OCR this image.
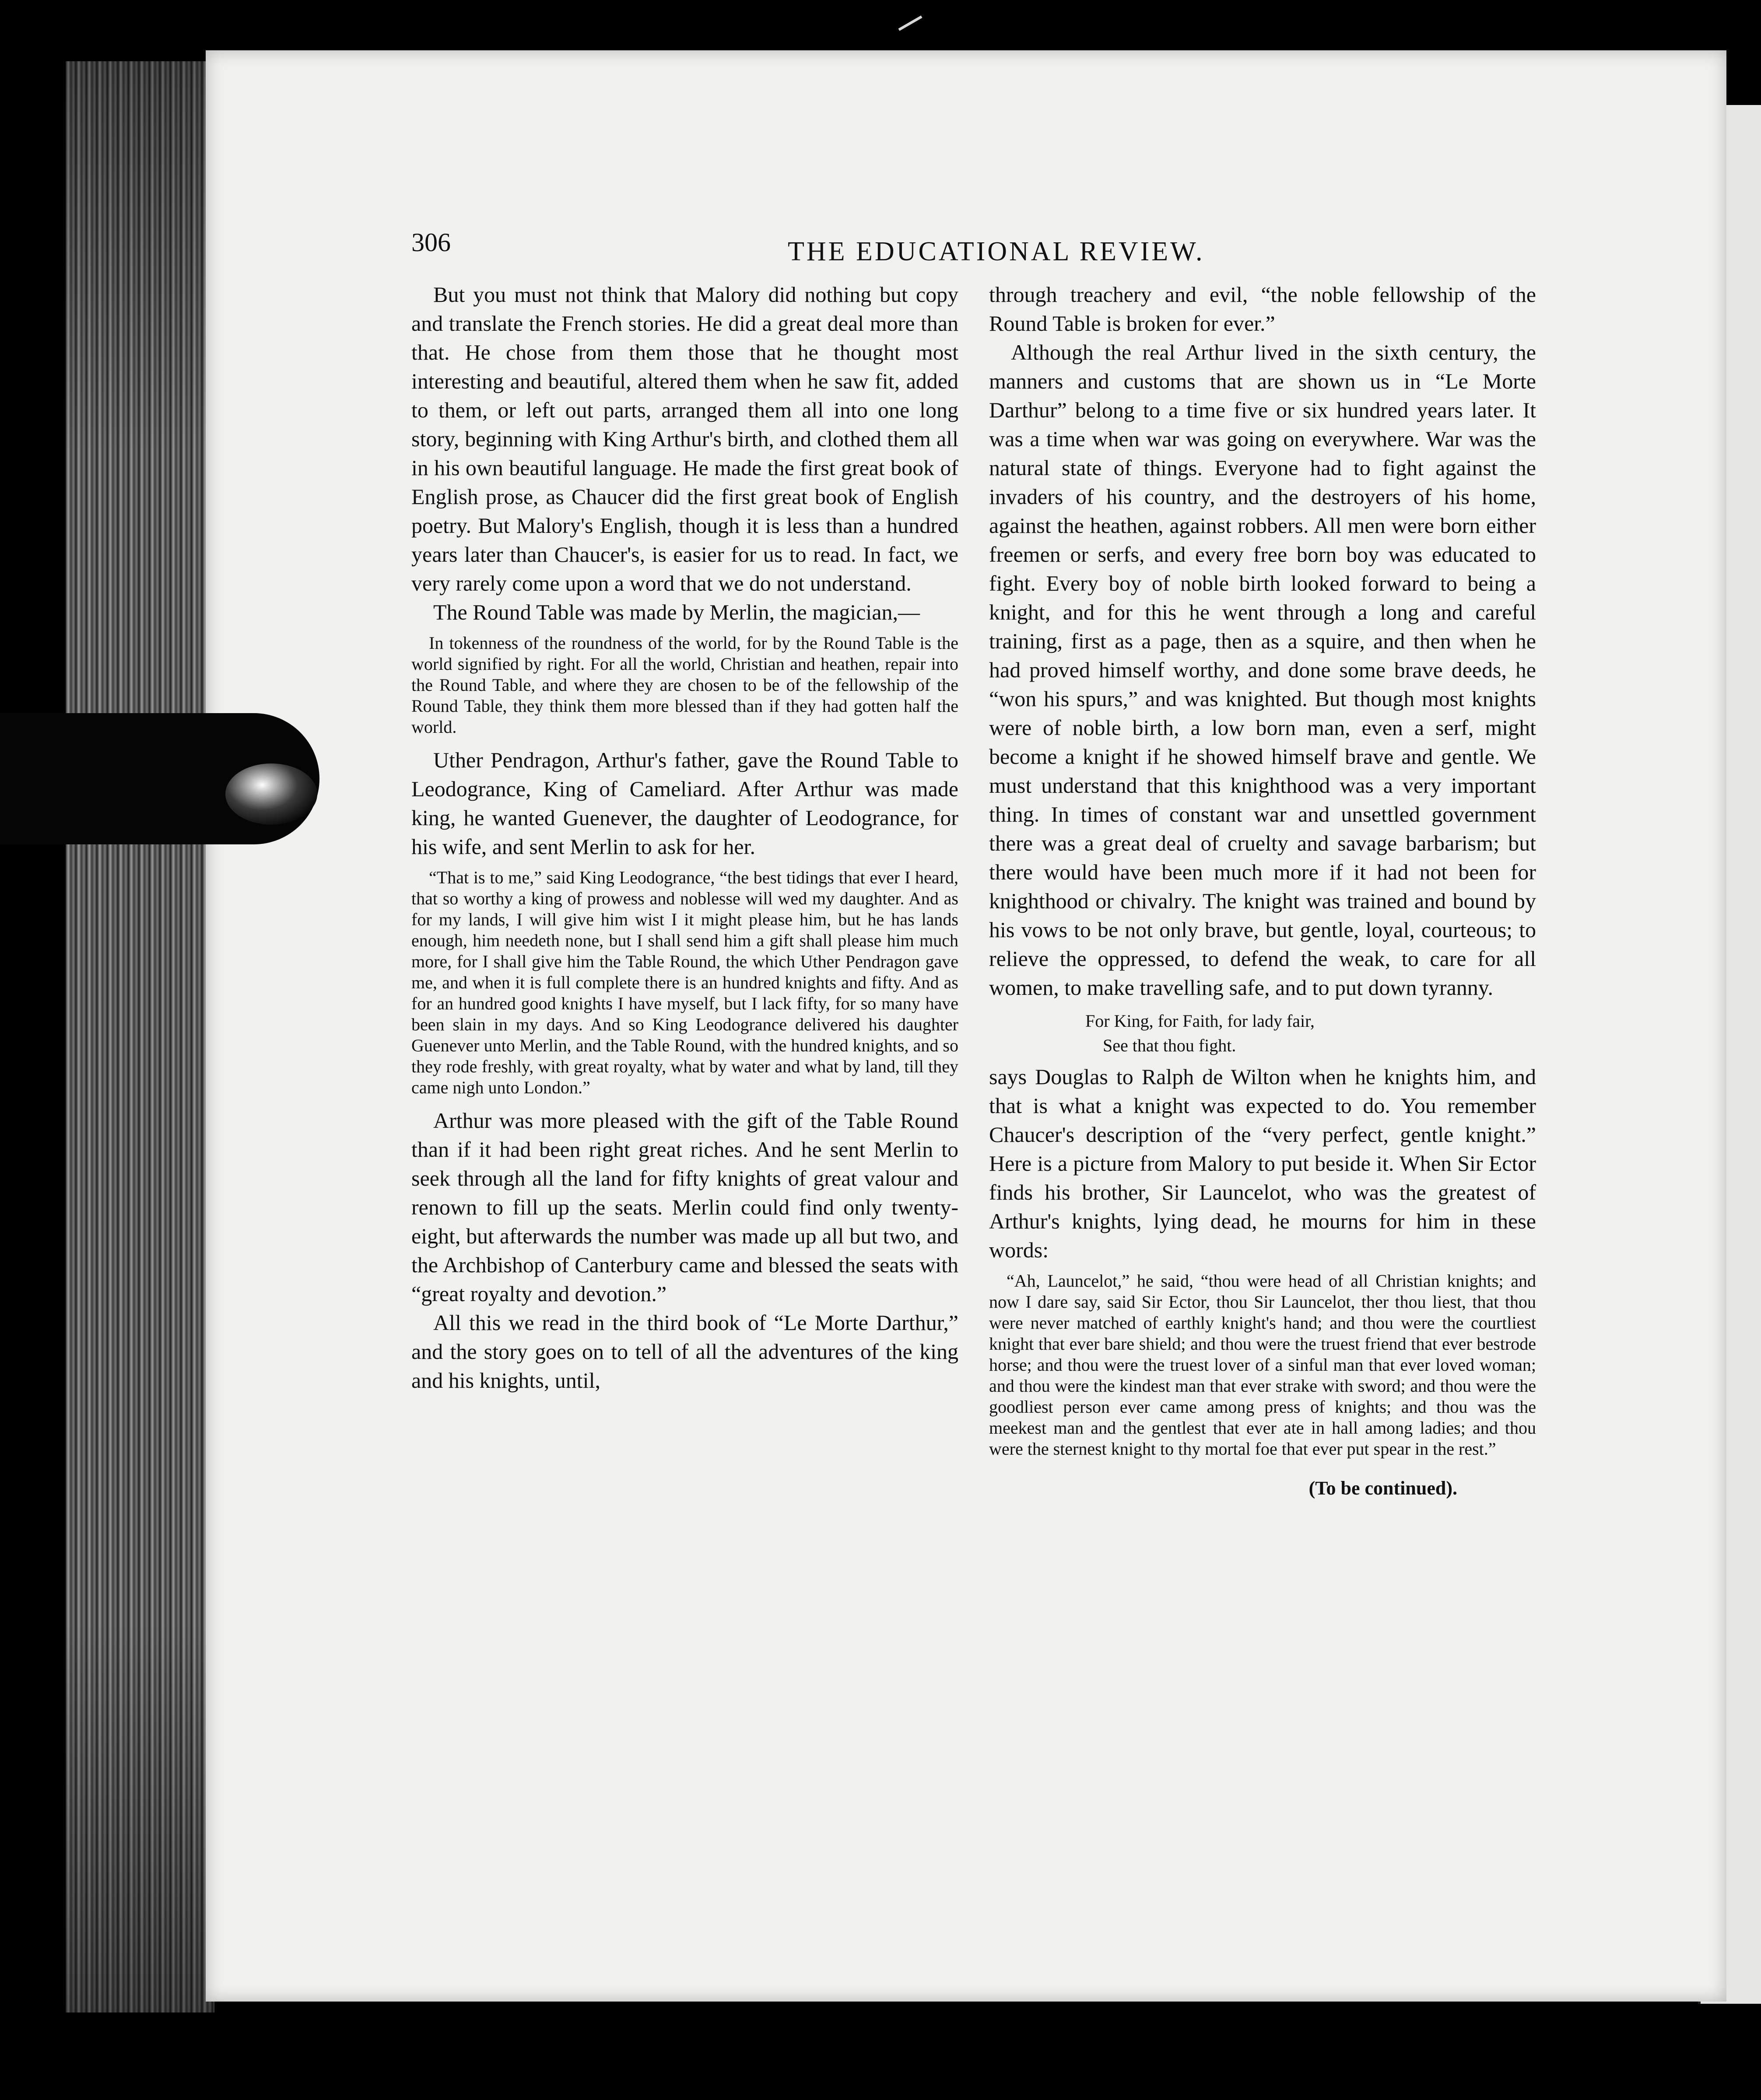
306	THE EDUCATIONAL REVIEW.

But you must not think that Malory did nothing but copy and translate the French stories. He did a great deal more than that. He chose from them those that he thought most interesting and beautiful, altered them when he saw fit, added to them, or left out parts, arranged them all into one long story, beginning with King Arthur's birth, and clothed them all in his own beautiful language. He made the first great book of English prose, as Chaucer did the first great book of English poetry. But Malory's English, though it is less than a hundred years later than Chaucer's, is easier for us to read. In fact, we very rarely come upon a word that we do not understand.

The Round Table was made by Merlin, the magician,—

In tokenness of the roundness of the world, for by the Round Table is the world signified by right. For all the world, Christian and heathen, repair into the Round Table, and where they are chosen to be of the fellowship of the Round Table, they think them more blessed than if they had gotten half the world.

Uther Pendragon, Arthur's father, gave the Round Table to Leodogrance, King of Cameliard. After Arthur was made king, he wanted Guenever, the daughter of Leodogrance, for his wife, and sent Merlin to ask for her.

“That is to me,” said King Leodogrance, “the best tidings that ever I heard, that so worthy a king of prowess and noblesse will wed my daughter. And as for my lands, I will give him wist I it might please him, but he has lands enough, him needeth none, but I shall send him a gift shall please him much more, for I shall give him the Table Round, the which Uther Pendragon gave me, and when it is full complete there is an hundred knights and fifty. And as for an hundred good knights I have myself, but I lack fifty, for so many have been slain in my days. And so King Leodogrance delivered his daughter Guenever unto Merlin, and the Table Round, with the hundred knights, and so they rode freshly, with great royalty, what by water and what by land, till they came nigh unto London.”

Arthur was more pleased with the gift of the Table Round than if it had been right great riches. And he sent Merlin to seek through all the land for fifty knights of great valour and renown to fill up the seats. Merlin could find only twenty-eight, but afterwards the number was made up all but two, and the Archbishop of Canterbury came and blessed the seats with “great royalty and devotion.”

All this we read in the third book of “Le Morte Darthur,” and the story goes on to tell of all the adventures of the king and his knights, until,

through treachery and evil, “the noble fellowship of the Round Table is broken for ever.”

Although the real Arthur lived in the sixth century, the manners and customs that are shown us in “Le Morte Darthur” belong to a time five or six hundred years later. It was a time when war was going on everywhere. War was the natural state of things. Everyone had to fight against the invaders of his country, and the destroyers of his home, against the heathen, against robbers. All men were born either freemen or serfs, and every free born boy was educated to fight. Every boy of noble birth looked forward to being a knight, and for this he went through a long and careful training, first as a page, then as a squire, and then when he had proved himself worthy, and done some brave deeds, he “won his spurs,” and was knighted. But though most knights were of noble birth, a low born man, even a serf, might become a knight if he showed himself brave and gentle. We must understand that this knighthood was a very important thing. In times of constant war and unsettled government there was a great deal of cruelty and savage barbarism; but there would have been much more if it had not been for knighthood or chivalry. The knight was trained and bound by his vows to be not only brave, but gentle, loyal, courteous; to relieve the oppressed, to defend the weak, to care for all women, to make travelling safe, and to put down tyranny.

For King, for Faith, for lady fair,
See that thou fight.

says Douglas to Ralph de Wilton when he knights him, and that is what a knight was expected to do. You remember Chaucer's description of the “very perfect, gentle knight.” Here is a picture from Malory to put beside it. When Sir Ector finds his brother, Sir Launcelot, who was the greatest of Arthur's knights, lying dead, he mourns for him in these words:

“Ah, Launcelot,” he said, “thou were head of all Christian knights; and now I dare say, said Sir Ector, thou Sir Launcelot, ther thou liest, that thou were never matched of earthly knight's hand; and thou were the courtliest knight that ever bare shield; and thou were the truest friend that ever bestrode horse; and thou were the truest lover of a sinful man that ever loved woman; and thou were the kindest man that ever strake with sword; and thou were the goodliest person ever came among press of knights; and thou was the meekest man and the gentlest that ever ate in hall among ladies; and thou were the sternest knight to thy mortal foe that ever put spear in the rest.”
(To be continued).
